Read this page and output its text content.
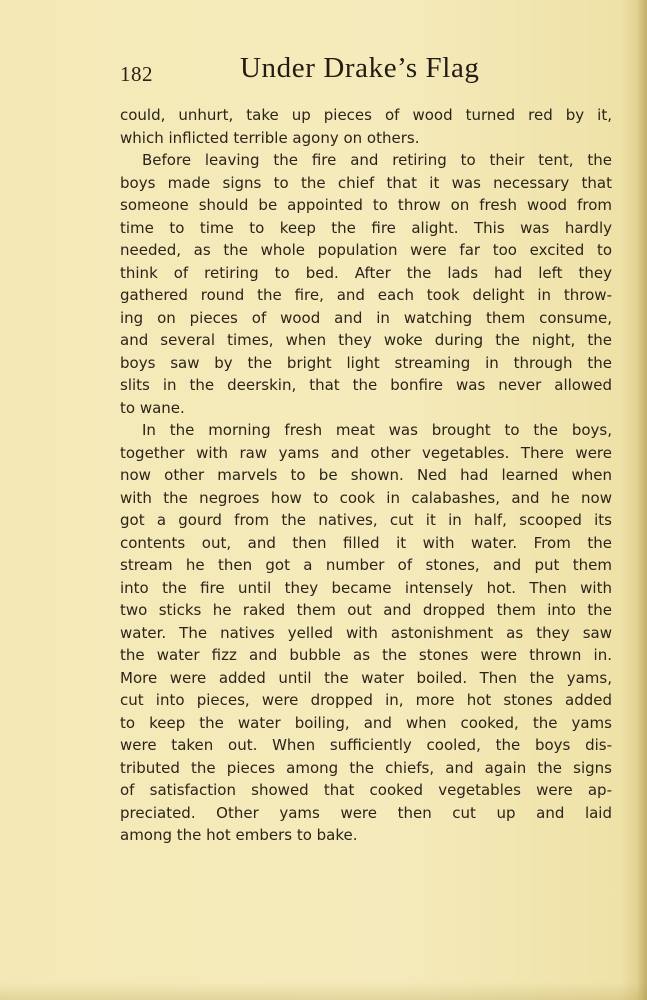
182	Under Drake’s Flag
could, unhurt, take up pieces of wood turned red by it,
which inflicted terrible agony on others.
Before leaving the fire and retiring to their tent, the
boys made signs to the chief that it was necessary that
someone should be appointed to throw on fresh wood from
time to time to keep the fire alight. This was hardly
needed, as the whole population were far too excited to
think of retiring to bed. After the lads had left they
gathered round the fire, and each took delight in throw-
ing on pieces of wood and in watching them consume,
and several times, when they woke during the night, the
boys saw by the bright light streaming in through the
slits in the deerskin, that the bonfire was never allowed
to wane.
In the morning fresh meat was brought to the boys,
together with raw yams and other vegetables. There were
now other marvels to be shown. Ned had learned when
with the negroes how to cook in calabashes, and he now
got a gourd from the natives, cut it in half, scooped its
contents out, and then filled it with water. From the
stream he then got a number of stones, and put them
into the fire until they became intensely hot. Then with
two sticks he raked them out and dropped them into the
water. The natives yelled with astonishment as they saw
the water fizz and bubble as the stones were thrown in.
More were added until the water boiled. Then the yams,
cut into pieces, were dropped in, more hot stones added
to keep the water boiling, and when cooked, the yams
were taken out. When sufficiently cooled, the boys dis-
tributed the pieces among the chiefs, and again the signs
of satisfaction showed that cooked vegetables were ap-
preciated. Other yams were then cut up and laid
among the hot embers to bake.
